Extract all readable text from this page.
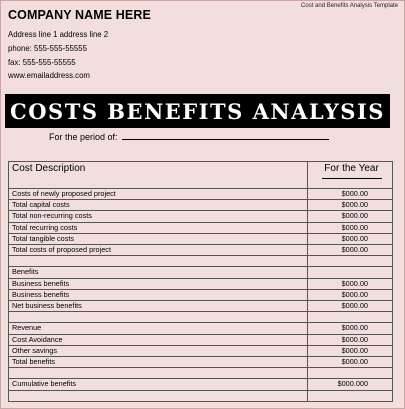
Cost and Benefits Analysis Template
COMPANY NAME HERE
Address line 1 address line 2
phone: 555-555-55555
fax: 555-555-55555
www.emailaddress.com
COSTS BENEFITS ANALYSIS
For the period of:
Cost Description	For the Year

Costs of newly proposed project	$000.00
Total capital costs	$000.00
Total non-recurring costs	$000.00
Total recurring costs	$000.00
Total tangible costs	$000.00
Total costs of proposed project	$000.00

Benefits	
Business benefits	$000.00
Business benefits	$000.00
Net business benefits	$000.00

Revenue	$000.00
Cost Avoidance	$000.00
Other savings	$000.00
Total benefits	$000.00

Cumulative benefits	$000.000
